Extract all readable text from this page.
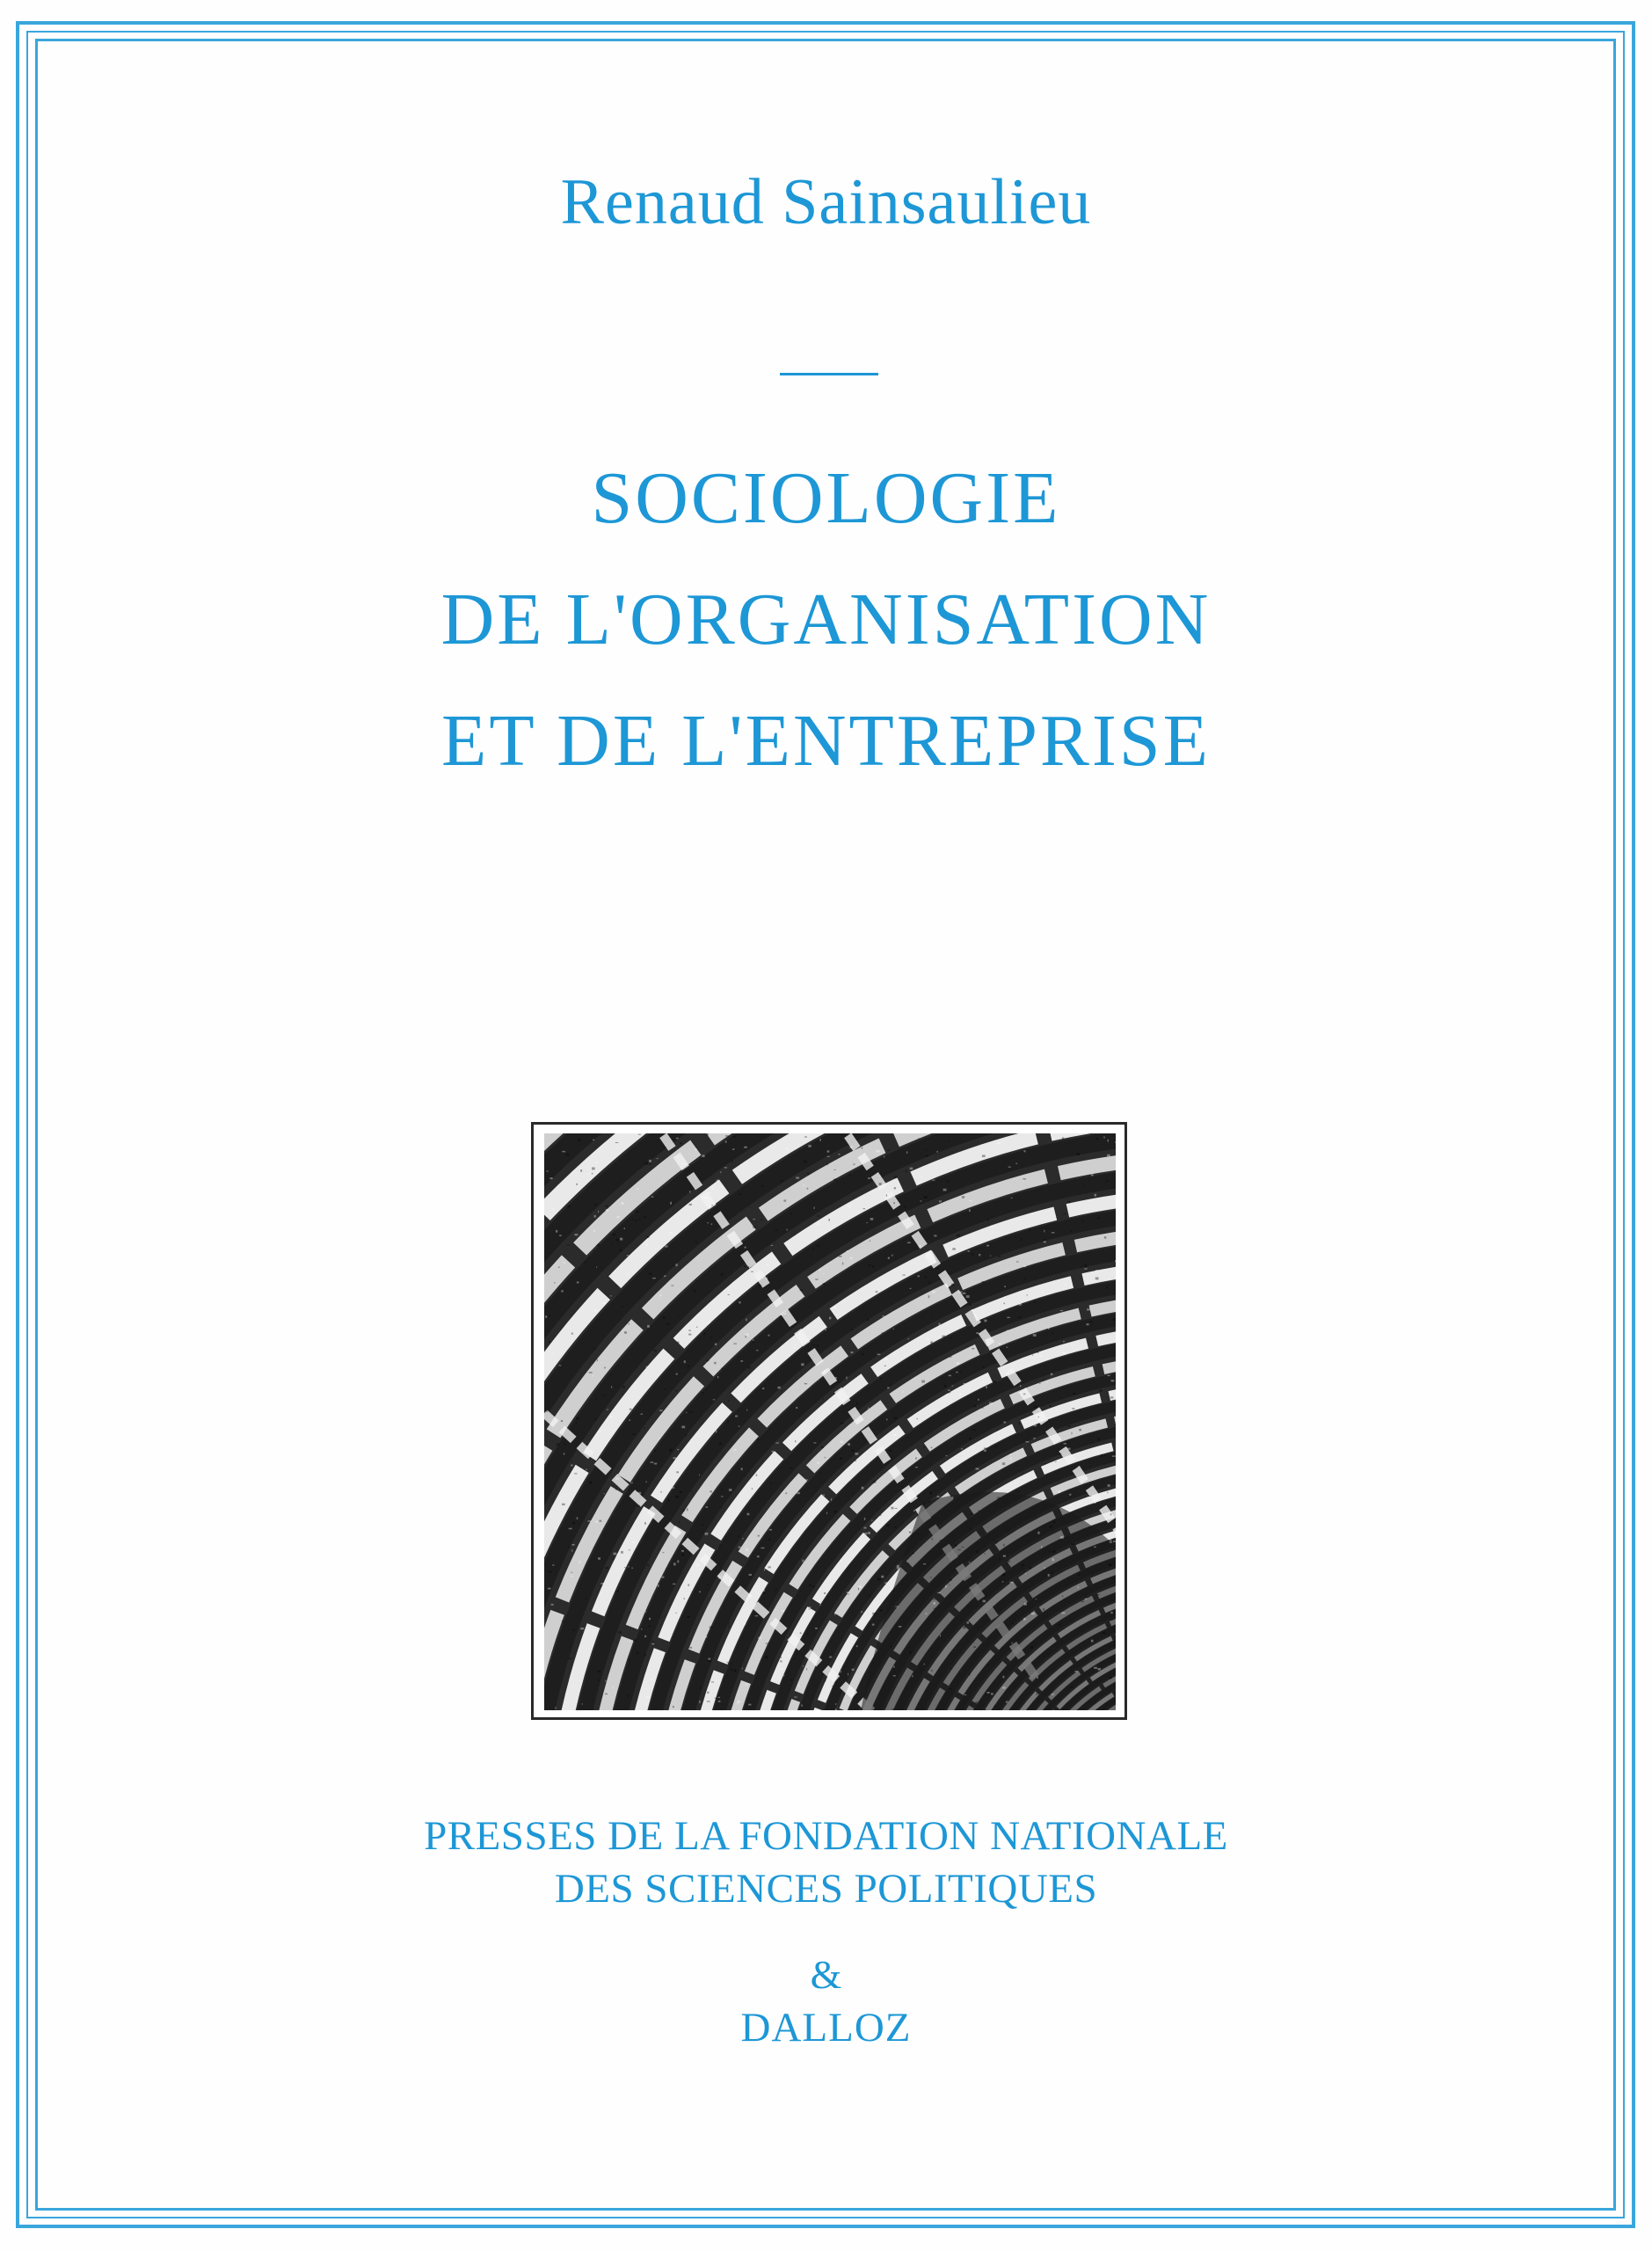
Renaud Sainsaulieu
SOCIOLOGIE
DE L'ORGANISATION
ET DE L'ENTREPRISE
PRESSES DE LA FONDATION NATIONALE
DES SCIENCES POLITIQUES
&
DALLOZ
